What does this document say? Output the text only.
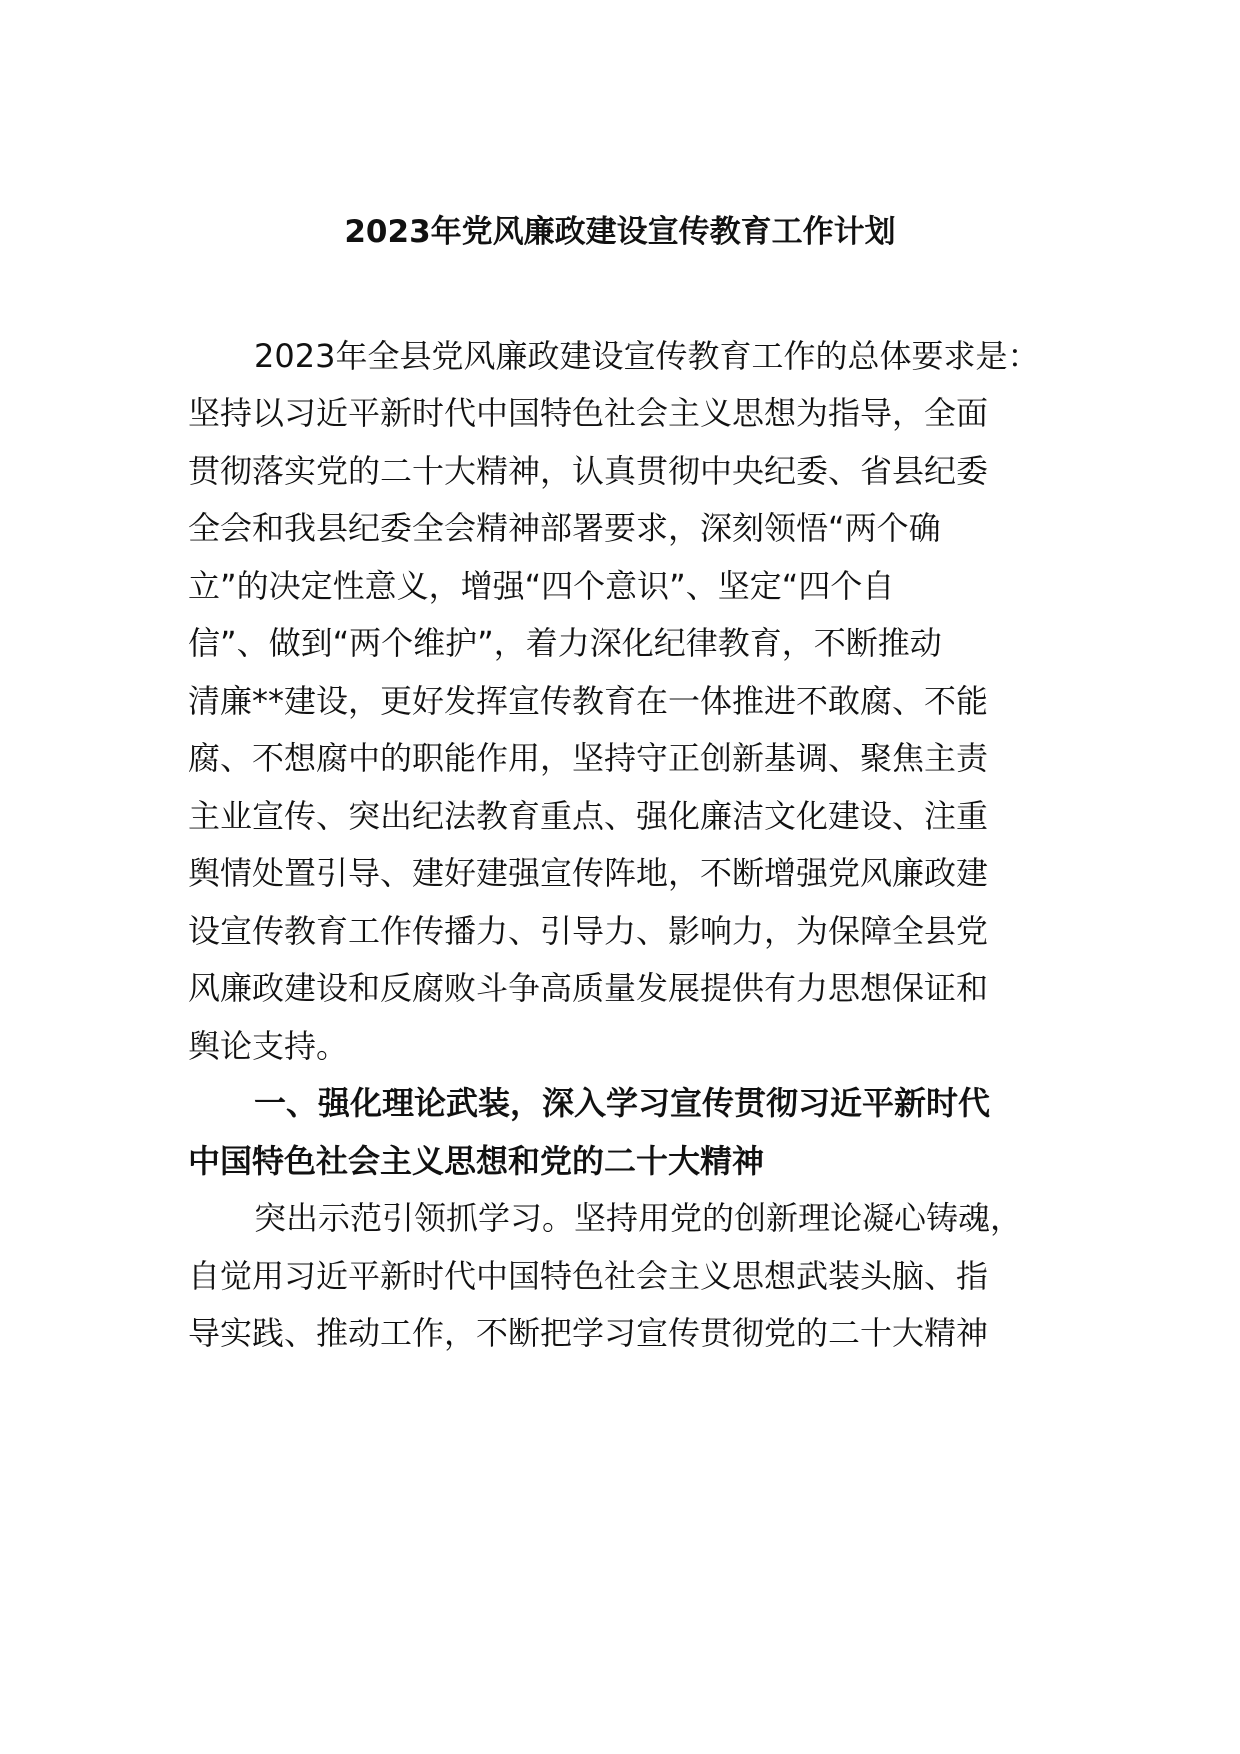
2023年党风廉政建设宣传教育工作计划

2023年全县党风廉政建设宣传教育工作的总体要求是：

坚持以习近平新时代中国特色社会主义思想为指导，全面

贯彻落实党的二十大精神，认真贯彻中央纪委、省县纪委

全会和我县纪委全会精神部署要求，深刻领悟“两个确

立”的决定性意义，增强“四个意识”、坚定“四个自

信”、做到“两个维护”，着力深化纪律教育，不断推动

清廉**建设，更好发挥宣传教育在一体推进不敢腐、不能

腐、不想腐中的职能作用，坚持守正创新基调、聚焦主责

主业宣传、突出纪法教育重点、强化廉洁文化建设、注重

舆情处置引导、建好建强宣传阵地，不断增强党风廉政建

设宣传教育工作传播力、引导力、影响力，为保障全县党

风廉政建设和反腐败斗争高质量发展提供有力思想保证和

舆论支持。

一、强化理论武装，深入学习宣传贯彻习近平新时代

中国特色社会主义思想和党的二十大精神

突出示范引领抓学习。坚持用党的创新理论凝心铸魂，

自觉用习近平新时代中国特色社会主义思想武装头脑、指

导实践、推动工作，不断把学习宣传贯彻党的二十大精神
